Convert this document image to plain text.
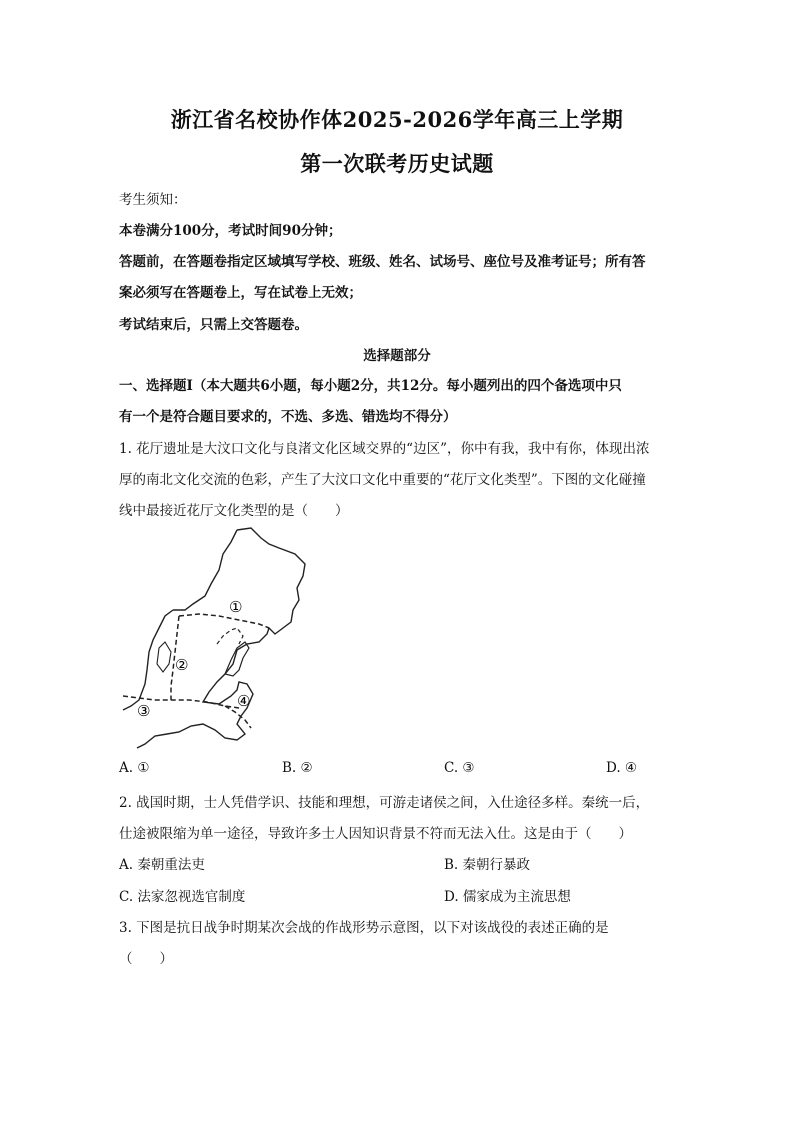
浙江省名校协作体2025-2026学年高三上学期
第一次联考历史试题
考生须知：
本卷满分100分，考试时间90分钟；
答题前，在答题卷指定区域填写学校、班级、姓名、试场号、座位号及准考证号；所有答
案必须写在答题卷上，写在试卷上无效；
考试结束后，只需上交答题卷。
选择题部分
一、选择题Ⅰ（本大题共6小题，每小题2分，共12分。每小题列出的四个备选项中只
有一个是符合题目要求的，不选、多选、错选均不得分）
1. 花厅遗址是大汶口文化与良渚文化区域交界的“边区”，你中有我，我中有你，体现出浓
厚的南北文化交流的色彩，产生了大汶口文化中重要的“花厅文化类型”。下图的文化碰撞
线中最接近花厅文化类型的是（　　）
①
②
③
④
A. ①	B. ②	C. ③	D. ④
2. 战国时期，士人凭借学识、技能和理想，可游走诸侯之间，入仕途径多样。秦统一后，
仕途被限缩为单一途径，导致许多士人因知识背景不符而无法入仕。这是由于（　　）
A. 秦朝重法吏	B. 秦朝行暴政
C. 法家忽视选官制度	D. 儒家成为主流思想
3. 下图是抗日战争时期某次会战的作战形势示意图，以下对该战役的表述正确的是
（　　）
